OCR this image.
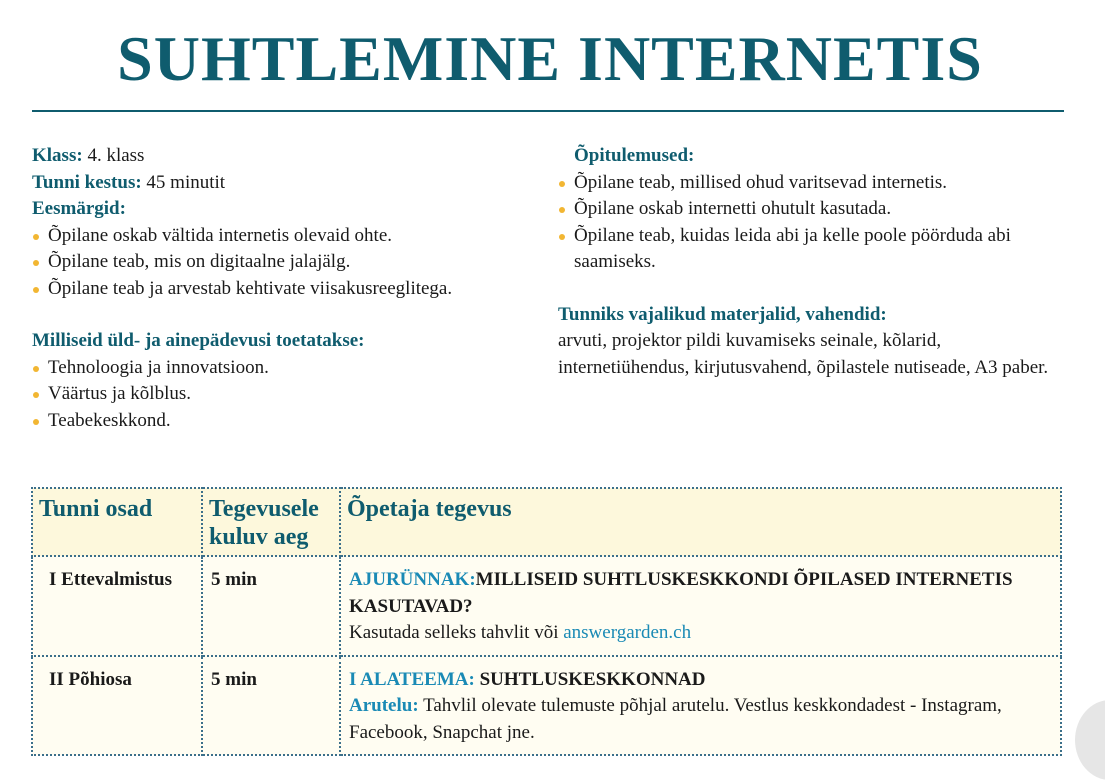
SUHTLEMINE INTERNETIS
Klass: 4. klass
Tunni kestus: 45 minutit
Eesmärgid:
Õpilane oskab vältida internetis olevaid ohte.
Õpilane teab, mis on digitaalne jalajälg.
Õpilane teab ja arvestab kehtivate viisakusreeglitega.
Milliseid üld- ja ainepädevusi toetatakse:
Tehnoloogia ja innovatsioon.
Väärtus ja kõlblus.
Teabekeskkond.
Õpitulemused:
Õpilane teab, millised ohud varitsevad internetis.
Õpilane oskab internetti ohutult kasutada.
Õpilane teab, kuidas leida abi ja kelle poole pöörduda abi saamiseks.
Tunniks vajalikud materjalid, vahendid:
arvuti, projektor pildi kuvamiseks seinale, kõlarid, internetiühendus, kirjutusvahend, õpilastele nutiseade, A3 paber.
Tunni osad	Tegevusele kuluv aeg	Õpetaja tegevus
I Ettevalmistus	5 min	AJURÜNNAK:MILLISEID SUHTLUSKESKKONDI ÕPILASED INTERNETIS KASUTAVAD?
Kasutada selleks tahvlit või answergarden.ch

II Põhiosa	5 min	I ALATEEMA: SUHTLUSKESKKONNAD
Arutelu: Tahvlil olevate tulemuste põhjal arutelu. Vestlus keskkondadest - Instagram, Facebook, Snapchat jne.
